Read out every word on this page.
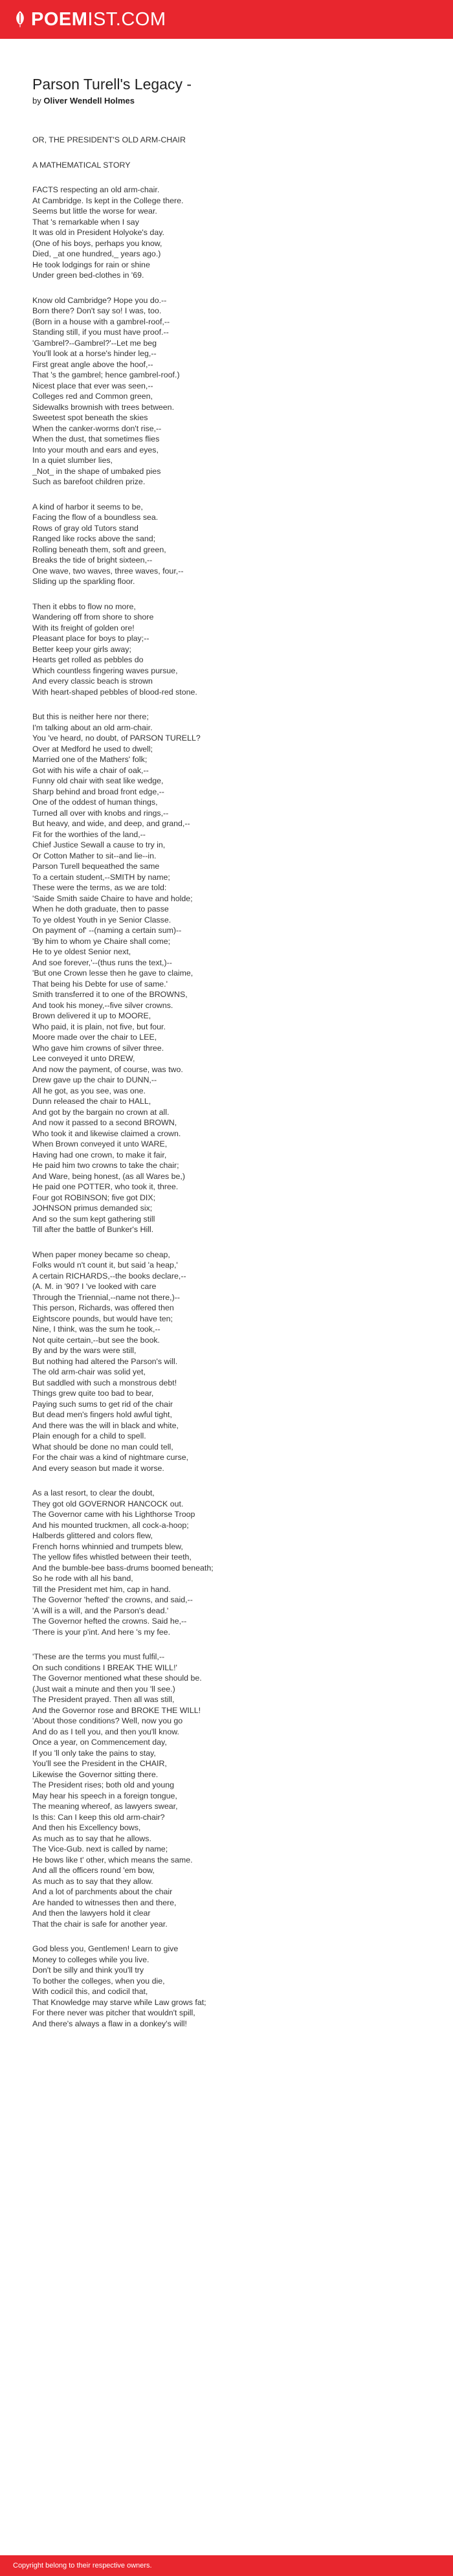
POEMIST.COM
Parson Turell's Legacy -
by Oliver Wendell Holmes
OR, THE PRESIDENT'S OLD ARM-CHAIR
A MATHEMATICAL STORY
FACTS respecting an old arm-chair.
At Cambridge. Is kept in the College there.
Seems but little the worse for wear.
That 's remarkable when I say
It was old in President Holyoke's day.
(One of his boys, perhaps you know,
Died, _at one hundred,_ years ago.)
He took lodgings for rain or shine
Under green bed-clothes in '69.
Know old Cambridge? Hope you do.--
Born there? Don't say so! I was, too.
(Born in a house with a gambrel-roof,--
Standing still, if you must have proof.--
'Gambrel?--Gambrel?'--Let me beg
You'll look at a horse's hinder leg,--
First great angle above the hoof,--
That 's the gambrel; hence gambrel-roof.)
Nicest place that ever was seen,--
Colleges red and Common green,
Sidewalks brownish with trees between.
Sweetest spot beneath the skies
When the canker-worms don't rise,--
When the dust, that sometimes flies
Into your mouth and ears and eyes,
In a quiet slumber lies,
_Not_ in the shape of umbaked pies
Such as barefoot children prize.
A kind of harbor it seems to be,
Facing the flow of a boundless sea.
Rows of gray old Tutors stand
Ranged like rocks above the sand;
Rolling beneath them, soft and green,
Breaks the tide of bright sixteen,--
One wave, two waves, three waves, four,--
Sliding up the sparkling floor.
Then it ebbs to flow no more,
Wandering off from shore to shore
With its freight of golden ore!
Pleasant place for boys to play;--
Better keep your girls away;
Hearts get rolled as pebbles do
Which countless fingering waves pursue,
And every classic beach is strown
With heart-shaped pebbles of blood-red stone.
But this is neither here nor there;
I'm talking about an old arm-chair.
You 've heard, no doubt, of PARSON TURELL?
Over at Medford he used to dwell;
Married one of the Mathers' folk;
Got with his wife a chair of oak,--
Funny old chair with seat like wedge,
Sharp behind and broad front edge,--
One of the oddest of human things,
Turned all over with knobs and rings,--
But heavy, and wide, and deep, and grand,--
Fit for the worthies of the land,--
Chief Justice Sewall a cause to try in,
Or Cotton Mather to sit--and lie--in.
Parson Turell bequeathed the same
To a certain student,--SMITH by name;
These were the terms, as we are told:
'Saide Smith saide Chaire to have and holde;
When he doth graduate, then to passe
To ye oldest Youth in ye Senior Classe.
On payment of' --(naming a certain sum)--
'By him to whom ye Chaire shall come;
He to ye oldest Senior next,
And soe forever,'--(thus runs the text,)--
'But one Crown lesse then he gave to claime,
That being his Debte for use of same.'
Smith transferred it to one of the BROWNS,
And took his money,--five silver crowns.
Brown delivered it up to MOORE,
Who paid, it is plain, not five, but four.
Moore made over the chair to LEE,
Who gave him crowns of silver three.
Lee conveyed it unto DREW,
And now the payment, of course, was two.
Drew gave up the chair to DUNN,--
All he got, as you see, was one.
Dunn released the chair to HALL,
And got by the bargain no crown at all.
And now it passed to a second BROWN,
Who took it and likewise claimed a crown.
When Brown conveyed it unto WARE,
Having had one crown, to make it fair,
He paid him two crowns to take the chair;
And Ware, being honest, (as all Wares be,)
He paid one POTTER, who took it, three.
Four got ROBINSON; five got DIX;
JOHNSON primus demanded six;
And so the sum kept gathering still
Till after the battle of Bunker's Hill.
When paper money became so cheap,
Folks would n't count it, but said 'a heap,'
A certain RICHARDS,--the books declare,--
(A. M. in '90? I 've looked with care
Through the Triennial,--name not there,)--
This person, Richards, was offered then
Eightscore pounds, but would have ten;
Nine, I think, was the sum he took,--
Not quite certain,--but see the book.
By and by the wars were still,
But nothing had altered the Parson's will.
The old arm-chair was solid yet,
But saddled with such a monstrous debt!
Things grew quite too bad to bear,
Paying such sums to get rid of the chair
But dead men's fingers hold awful tight,
And there was the will in black and white,
Plain enough for a child to spell.
What should be done no man could tell,
For the chair was a kind of nightmare curse,
And every season but made it worse.
As a last resort, to clear the doubt,
They got old GOVERNOR HANCOCK out.
The Governor came with his Lighthorse Troop
And his mounted truckmen, all cock-a-hoop;
Halberds glittered and colors flew,
French horns whinnied and trumpets blew,
The yellow fifes whistled between their teeth,
And the bumble-bee bass-drums boomed beneath;
So he rode with all his band,
Till the President met him, cap in hand.
The Governor 'hefted' the crowns, and said,--
'A will is a will, and the Parson's dead.'
The Governor hefted the crowns. Said he,--
'There is your p'int. And here 's my fee.
'These are the terms you must fulfil,--
On such conditions I BREAK THE WILL!'
The Governor mentioned what these should be.
(Just wait a minute and then you 'll see.)
The President prayed. Then all was still,
And the Governor rose and BROKE THE WILL!
'About those conditions? Well, now you go
And do as I tell you, and then you'll know.
Once a year, on Commencement day,
If you 'll only take the pains to stay,
You'll see the President in the CHAIR,
Likewise the Governor sitting there.
The President rises; both old and young
May hear his speech in a foreign tongue,
The meaning whereof, as lawyers swear,
Is this: Can I keep this old arm-chair?
And then his Excellency bows,
As much as to say that he allows.
The Vice-Gub. next is called by name;
He bows like t' other, which means the same.
And all the officers round 'em bow,
As much as to say that they allow.
And a lot of parchments about the chair
Are handed to witnesses then and there,
And then the lawyers hold it clear
That the chair is safe for another year.
God bless you, Gentlemen! Learn to give
Money to colleges while you live.
Don't be silly and think you'll try
To bother the colleges, when you die,
With codicil this, and codicil that,
That Knowledge may starve while Law grows fat;
For there never was pitcher that wouldn't spill,
And there's always a flaw in a donkey's will!
Copyright belong to their respective owners.
